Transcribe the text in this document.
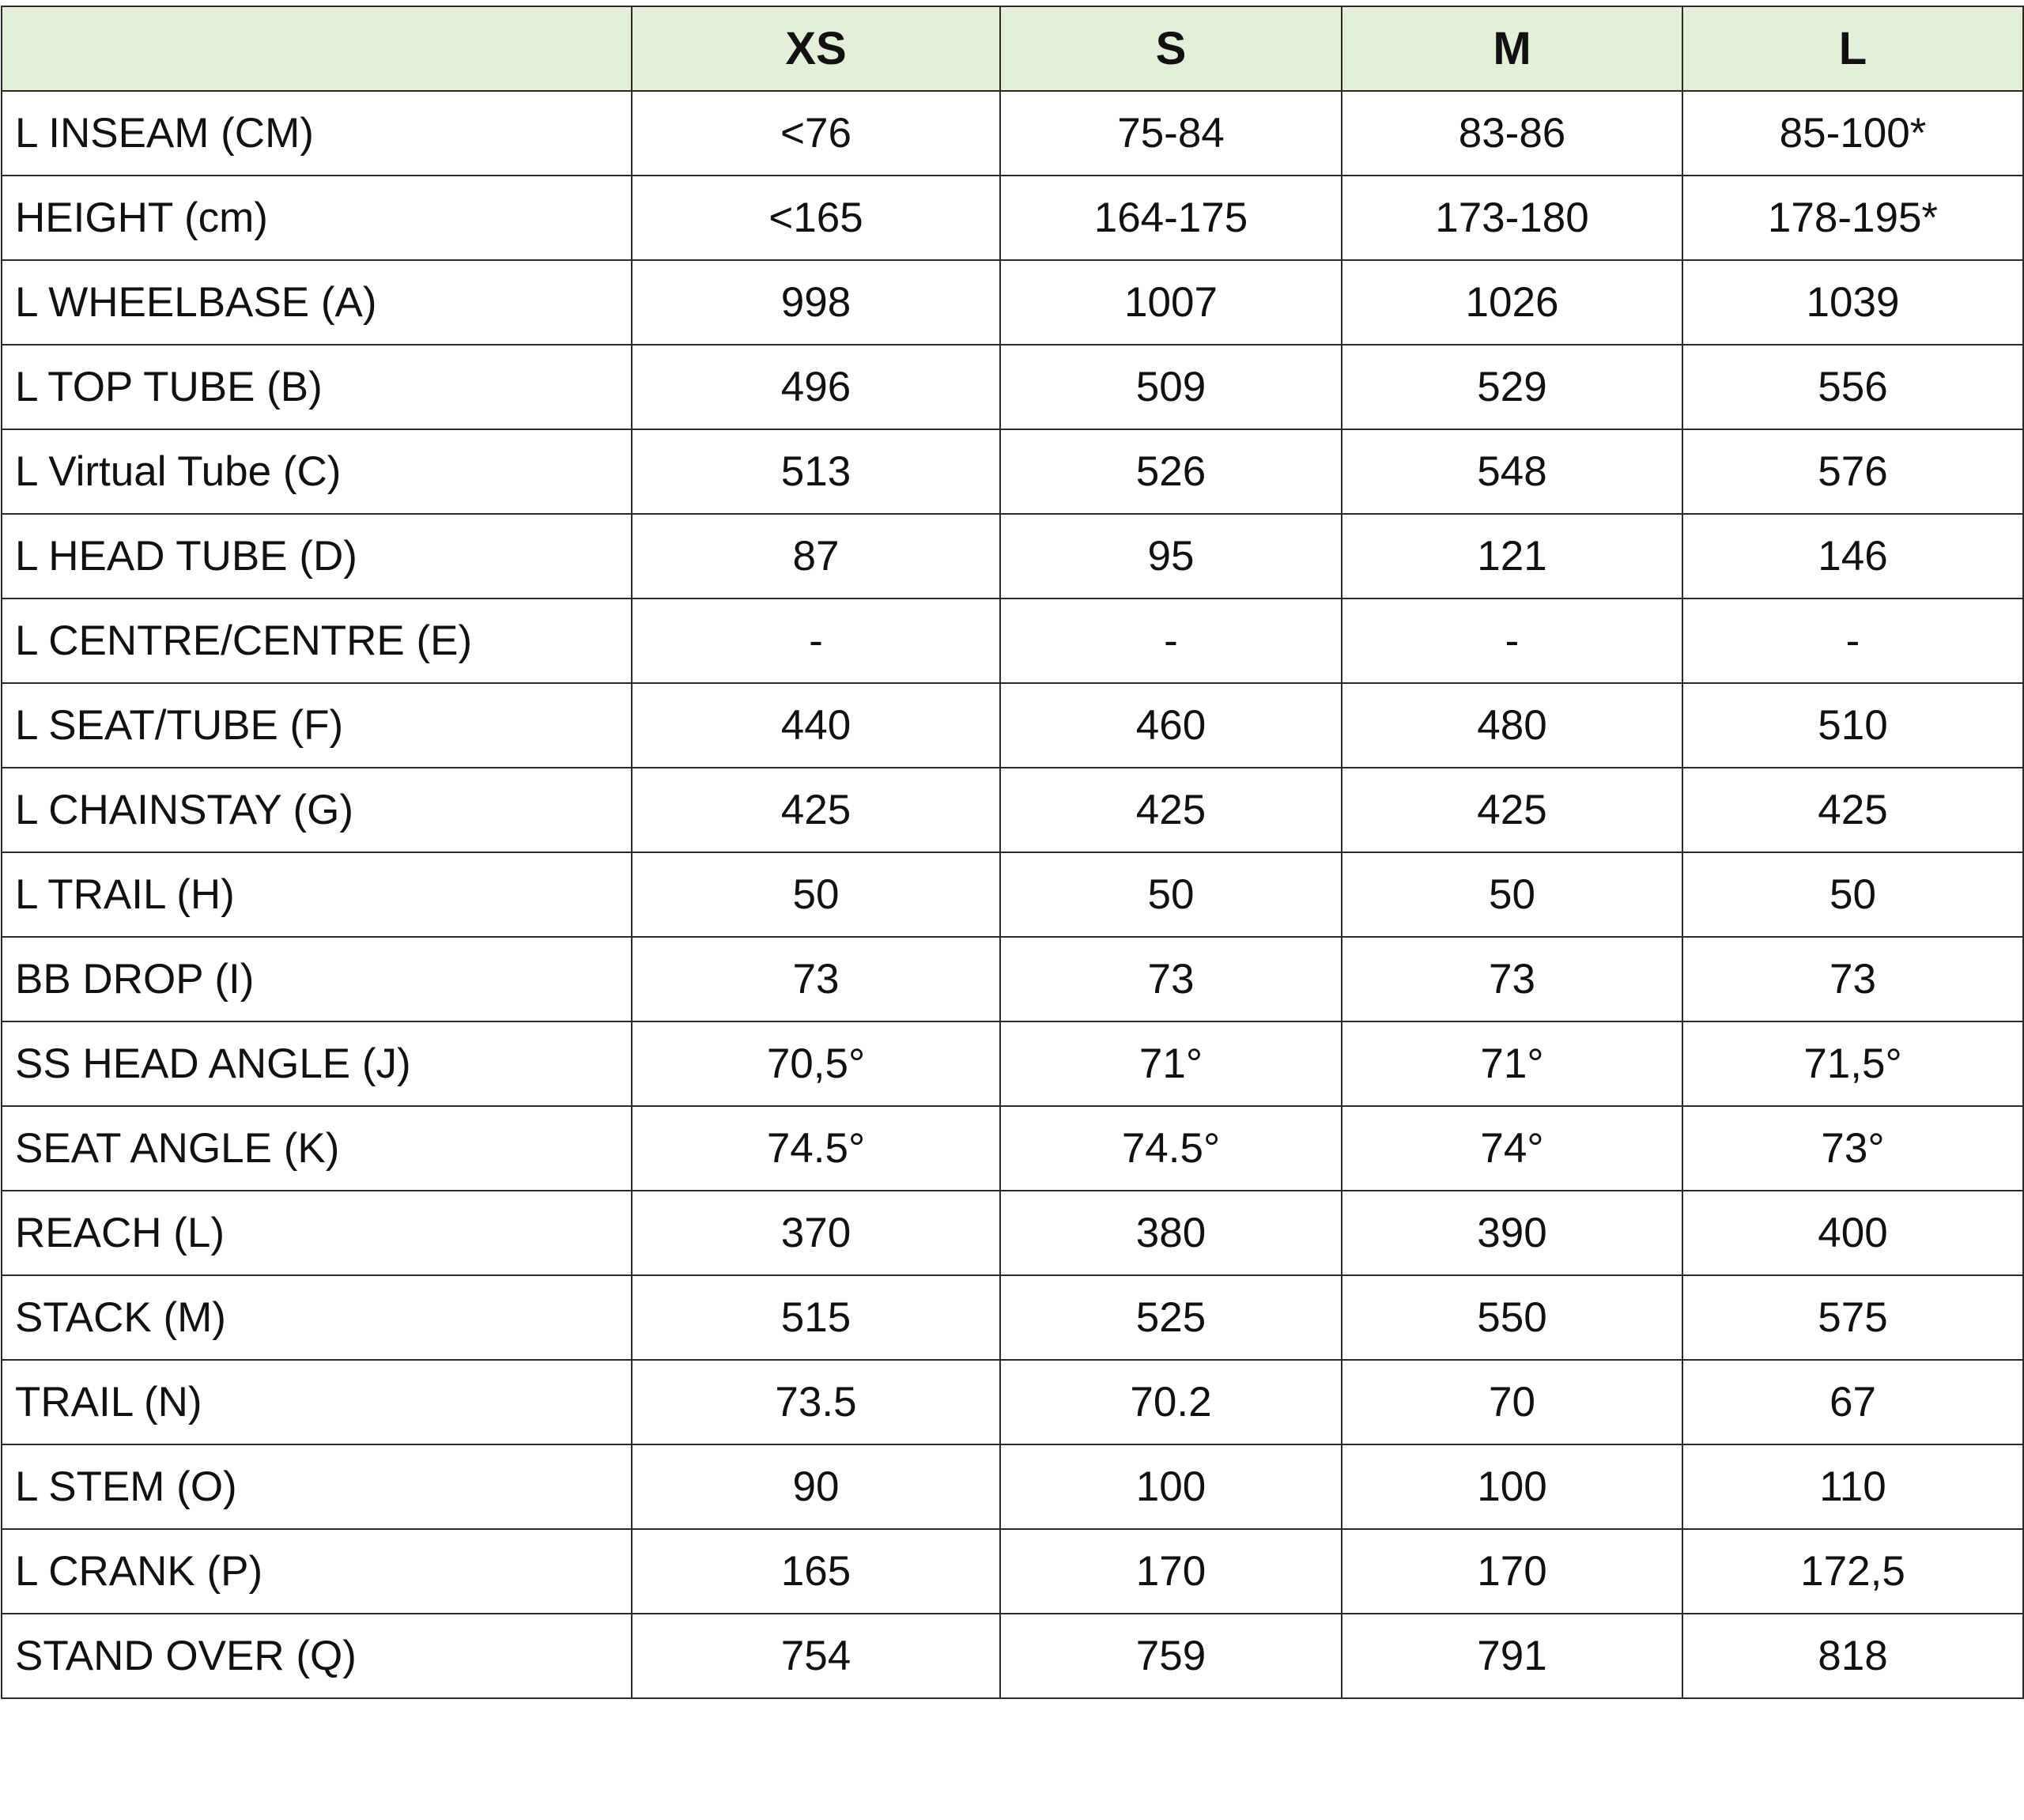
	XS	S	M	L
L INSEAM (CM)	<76	75-84	83-86	85-100*
HEIGHT (cm)	<165	164-175	173-180	178-195*
L WHEELBASE (A)	998	1007	1026	1039
L TOP TUBE (B)	496	509	529	556
L Virtual Tube (C)	513	526	548	576
L HEAD TUBE (D)	87	95	121	146
L CENTRE/CENTRE (E)	-	-	-	-
L SEAT/TUBE (F)	440	460	480	510
L CHAINSTAY (G)	425	425	425	425
L TRAIL (H)	50	50	50	50
BB DROP (I)	73	73	73	73
SS HEAD ANGLE (J)	70,5°	71°	71°	71,5°
SEAT ANGLE (K)	74.5°	74.5°	74°	73°
REACH (L)	370	380	390	400
STACK (M)	515	525	550	575
TRAIL (N)	73.5	70.2	70	67
L STEM (O)	90	100	100	110
L CRANK (P)	165	170	170	172,5
STAND OVER (Q)	754	759	791	818
